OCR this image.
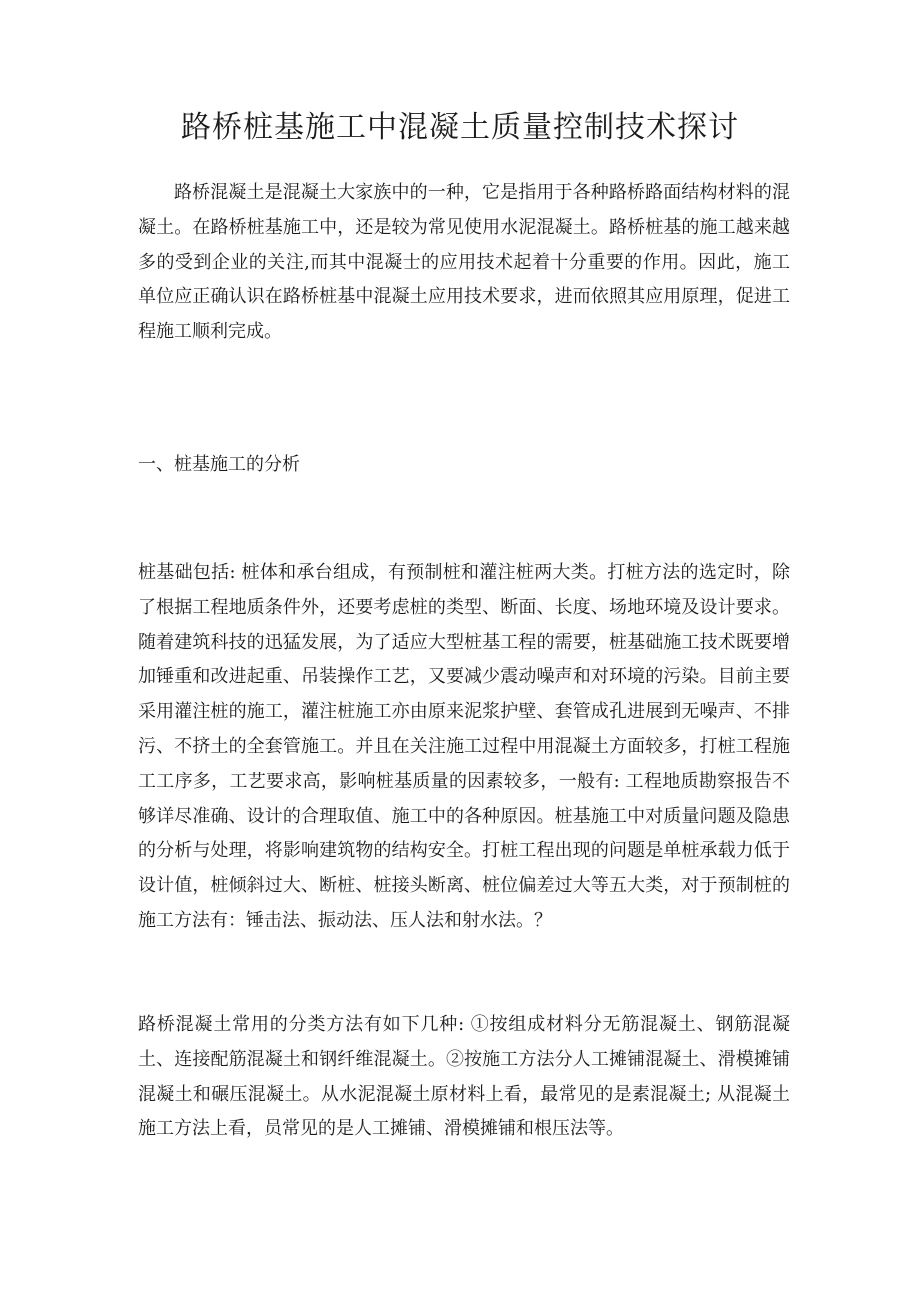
路桥桩基施工中混凝土质量控制技术探讨

路桥混凝土是混凝土大家族中的一种，它是指用于各种路桥路面结构材料的混凝土。在路桥桩基施工中，还是较为常见使用水泥混凝土。路桥桩基的施工越来越多的受到企业的关注,而其中混凝士的应用技术起着十分重要的作用。因此，施工单位应正确认识在路桥桩基中混凝土应用技术要求，进而依照其应用原理，促进工程施工顺利完成。

一、桩基施工的分析

桩基础包括: 桩体和承台组成，有预制桩和灌注桩两大类。打桩方法的选定时，除了根据工程地质条件外，还要考虑桩的类型、断面、长度、场地环境及设计要求。随着建筑科技的迅猛发展，为了适应大型桩基工程的需要，桩基础施工技术既要增加锤重和改进起重、吊装操作工艺，又要减少震动噪声和对环境的污染。目前主要采用灌注桩的施工，灌注桩施工亦由原来泥浆护壁、套管成孔进展到无噪声、不排污、不挤土的全套管施工。并且在关注施工过程中用混凝土方面较多，打桩工程施工工序多，工艺要求高，影响桩基质量的因素较多，一般有: 工程地质勘察报告不够详尽准确、设计的合理取值、施工中的各种原因。桩基施工中对质量问题及隐患的分析与处理，将影响建筑物的结构安全。打桩工程出现的问题是单桩承载力低于设计值，桩倾斜过大、断桩、桩接头断离、桩位偏差过大等五大类，对于预制桩的施工方法有：锤击法、振动法、压人法和射水法。？

路桥混凝土常用的分类方法有如下几种: ①按组成材料分无筋混凝土、钢筋混凝土、连接配筋混凝土和钢纤维混凝土。②按施工方法分人工摊铺混凝土、滑模摊铺混凝土和碾压混凝土。从水泥混凝土原材料上看，最常见的是素混凝土; 从混凝土施工方法上看，员常见的是人工摊铺、滑模摊铺和根压法等。
